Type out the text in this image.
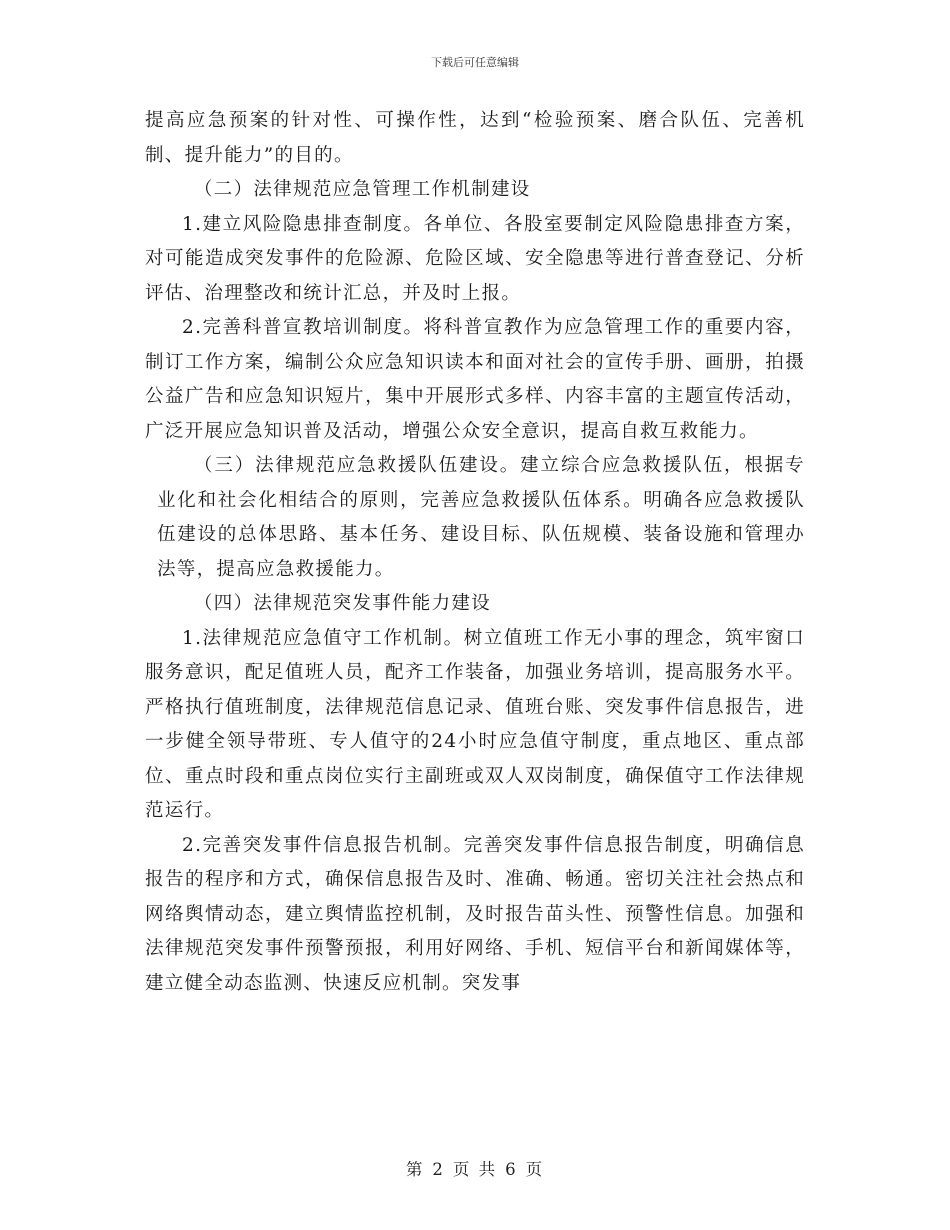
下载后可任意编辑

提高应急预案的针对性、可操作性，达到“检验预案、磨合队伍、完善机制、提升能力”的目的。

（二）法律规范应急管理工作机制建设

1.建立风险隐患排查制度。各单位、各股室要制定风险隐患排查方案，对可能造成突发事件的危险源、危险区域、安全隐患等进行普查登记、分析评估、治理整改和统计汇总，并及时上报。

2.完善科普宣教培训制度。将科普宣教作为应急管理工作的重要内容，制订工作方案，编制公众应急知识读本和面对社会的宣传手册、画册，拍摄公益广告和应急知识短片，集中开展形式多样、内容丰富的主题宣传活动，广泛开展应急知识普及活动，增强公众安全意识，提高自救互救能力。

（三）法律规范应急救援队伍建设。建立综合应急救援队伍，根据专业化和社会化相结合的原则，完善应急救援队伍体系。明确各应急救援队伍建设的总体思路、基本任务、建设目标、队伍规模、装备设施和管理办法等，提高应急救援能力。

（四）法律规范突发事件能力建设

1.法律规范应急值守工作机制。树立值班工作无小事的理念，筑牢窗口服务意识，配足值班人员，配齐工作装备，加强业务培训，提高服务水平。严格执行值班制度，法律规范信息记录、值班台账、突发事件信息报告，进一步健全领导带班、专人值守的24小时应急值守制度，重点地区、重点部位、重点时段和重点岗位实行主副班或双人双岗制度，确保值守工作法律规范运行。

2.完善突发事件信息报告机制。完善突发事件信息报告制度，明确信息报告的程序和方式，确保信息报告及时、准确、畅通。密切关注社会热点和网络舆情动态，建立舆情监控机制，及时报告苗头性、预警性信息。加强和法律规范突发事件预警预报，利用好网络、手机、短信平台和新闻媒体等，建立健全动态监测、快速反应机制。突发事

第 2 页 共 6 页
